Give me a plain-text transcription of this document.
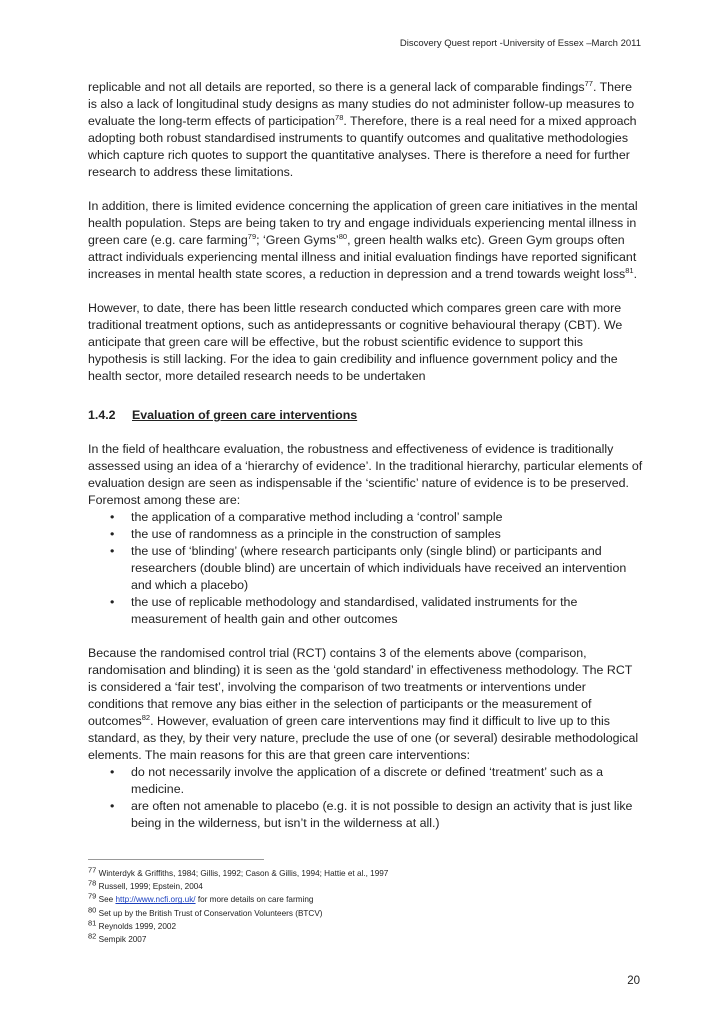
Discovery Quest report -University of Essex –March 2011

replicable and not all details are reported, so there is a general lack of comparable findings$^{77}$. There is also a lack of longitudinal study designs as many studies do not administer follow-up measures to evaluate the long-term effects of participation$^{78}$. Therefore, there is a real need for a mixed approach adopting both robust standardised instruments to quantify outcomes and qualitative methodologies which capture rich quotes to support the quantitative analyses. There is therefore a need for further research to address these limitations.

In addition, there is limited evidence concerning the application of green care initiatives in the mental health population. Steps are being taken to try and engage individuals experiencing mental illness in green care (e.g. care farming$^{79}$; ‘Green Gyms’$^{80}$, green health walks etc). Green Gym groups often attract individuals experiencing mental illness and initial evaluation findings have reported significant increases in mental health state scores, a reduction in depression and a trend towards weight loss$^{81}$.

However, to date, there has been little research conducted which compares green care with more traditional treatment options, such as antidepressants or cognitive behavioural therapy (CBT). We anticipate that green care will be effective, but the robust scientific evidence to support this hypothesis is still lacking. For the idea to gain credibility and influence government policy and the health sector, more detailed research needs to be undertaken

1.4.2 Evaluation of green care interventions

In the field of healthcare evaluation, the robustness and effectiveness of evidence is traditionally assessed using an idea of a ‘hierarchy of evidence’. In the traditional hierarchy, particular elements of evaluation design are seen as indispensable if the ‘scientific’ nature of evidence is to be preserved. Foremost among these are:

• the application of a comparative method including a ‘control’ sample
• the use of randomness as a principle in the construction of samples
• the use of ‘blinding’ (where research participants only (single blind) or participants and researchers (double blind) are uncertain of which individuals have received an intervention and which a placebo)
• the use of replicable methodology and standardised, validated instruments for the measurement of health gain and other outcomes

Because the randomised control trial (RCT) contains 3 of the elements above (comparison, randomisation and blinding) it is seen as the ‘gold standard’ in effectiveness methodology. The RCT is considered a ‘fair test’, involving the comparison of two treatments or interventions under conditions that remove any bias either in the selection of participants or the measurement of outcomes$^{82}$. However, evaluation of green care interventions may find it difficult to live up to this standard, as they, by their very nature, preclude the use of one (or several) desirable methodological elements. The main reasons for this are that green care interventions:

• do not necessarily involve the application of a discrete or defined ‘treatment’ such as a medicine.
• are often not amenable to placebo (e.g. it is not possible to design an activity that is just like being in the wilderness, but isn’t in the wilderness at all.)
$^{77}$ Winterdyk & Griffiths, 1984; Gillis, 1992; Cason & Gillis, 1994; Hattie et al., 1997
$^{78}$ Russell, 1999; Epstein, 2004
$^{79}$ See http://www.ncfi.org.uk/ for more details on care farming
$^{80}$ Set up by the British Trust of Conservation Volunteers (BTCV)
$^{81}$ Reynolds 1999, 2002
$^{82}$ Sempik 2007
20
